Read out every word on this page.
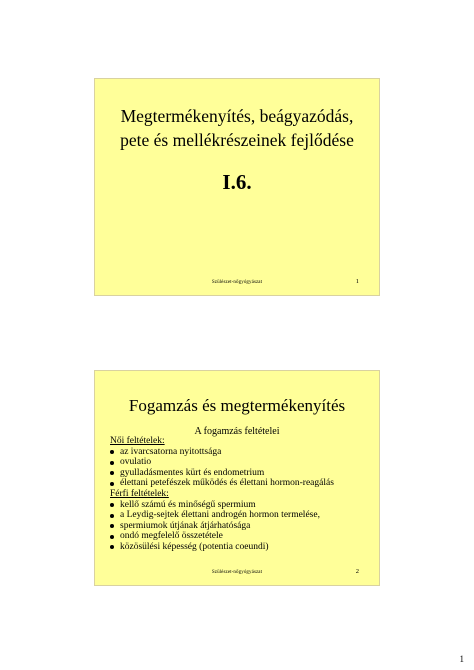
Megtermékenyítés, beágyazódás,
pete és mellékrészeinek fejlődése
I.6.
Szülészet-nőgyógyászat	1
Fogamzás és megtermékenyítés
A fogamzás feltételei
Női feltételek:
az ivarcsatorna nyitottsága
ovulatio
gyulladásmentes kürt és endometrium
élettani petefészek működés és élettani hormon-reagálás
Férfi feltételek:
kellő számú és minőségű spermium
a Leydig-sejtek élettani androgén hormon termelése,
spermiumok útjának átjárhatósága
ondó megfelelő összetétele
közösülési képesség (potentia coeundi)
Szülészet-nőgyógyászat	2
1
